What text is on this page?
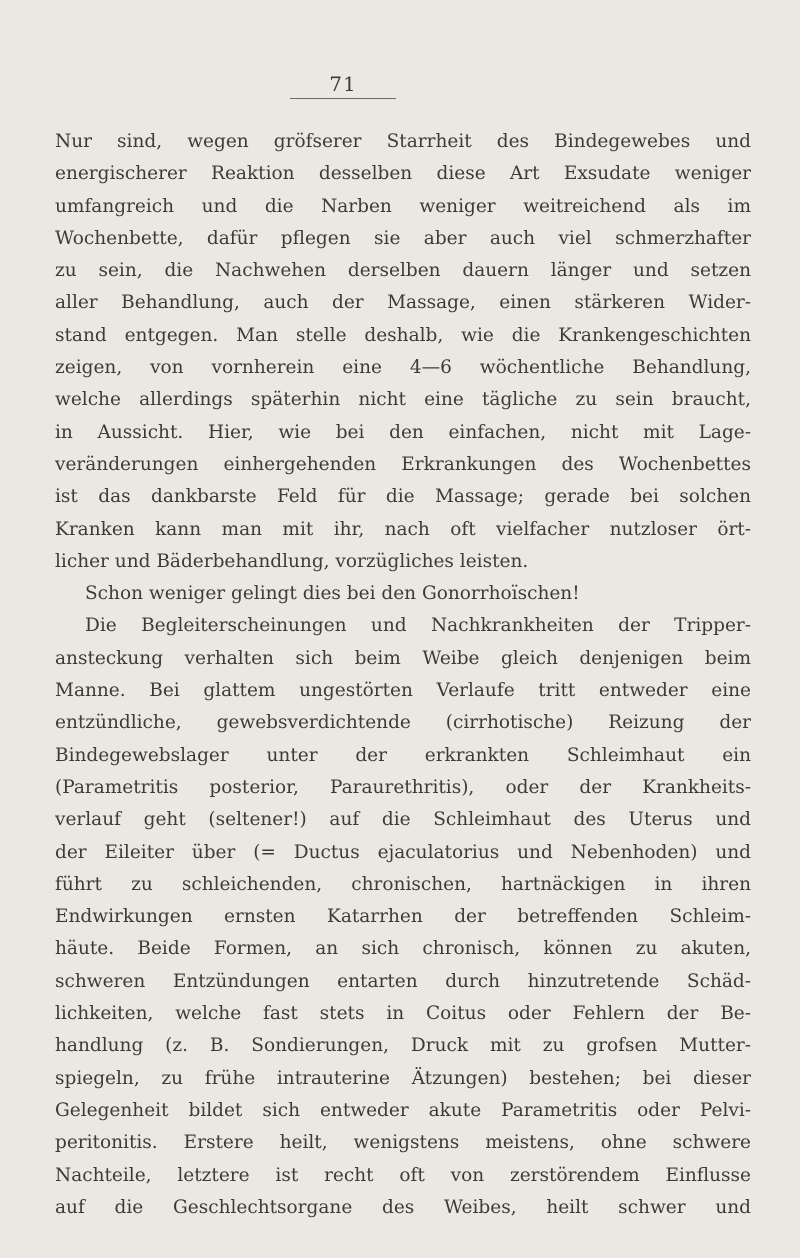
71
Nur sind, wegen gröfserer Starrheit des Bindegewebes und
energischerer Reaktion desselben diese Art Exsudate weniger
umfangreich und die Narben weniger weitreichend als im
Wochenbette, dafür pflegen sie aber auch viel schmerzhafter
zu sein, die Nachwehen derselben dauern länger und setzen
aller Behandlung, auch der Massage, einen stärkeren Wider-
stand entgegen. Man stelle deshalb, wie die Krankengeschichten
zeigen, von vornherein eine 4—6 wöchentliche Behandlung,
welche allerdings späterhin nicht eine tägliche zu sein braucht,
in Aussicht. Hier, wie bei den einfachen, nicht mit Lage-
veränderungen einhergehenden Erkrankungen des Wochenbettes
ist das dankbarste Feld für die Massage; gerade bei solchen
Kranken kann man mit ihr, nach oft vielfacher nutzloser ört-
licher und Bäderbehandlung, vorzügliches leisten.
Schon weniger gelingt dies bei den Gonorrhoïschen!
Die Begleiterscheinungen und Nachkrankheiten der Tripper-
ansteckung verhalten sich beim Weibe gleich denjenigen beim
Manne. Bei glattem ungestörten Verlaufe tritt entweder eine
entzündliche, gewebsverdichtende (cirrhotische) Reizung der
Bindegewebslager unter der erkrankten Schleimhaut ein
(Parametritis posterior, Paraurethritis), oder der Krankheits-
verlauf geht (seltener!) auf die Schleimhaut des Uterus und
der Eileiter über (= Ductus ejaculatorius und Nebenhoden) und
führt zu schleichenden, chronischen, hartnäckigen in ihren
Endwirkungen ernsten Katarrhen der betreffenden Schleim-
häute. Beide Formen, an sich chronisch, können zu akuten,
schweren Entzündungen entarten durch hinzutretende Schäd-
lichkeiten, welche fast stets in Coitus oder Fehlern der Be-
handlung (z. B. Sondierungen, Druck mit zu grofsen Mutter-
spiegeln, zu frühe intrauterine Ätzungen) bestehen; bei dieser
Gelegenheit bildet sich entweder akute Parametritis oder Pelvi-
peritonitis. Erstere heilt, wenigstens meistens, ohne schwere
Nachteile, letztere ist recht oft von zerstörendem Einflusse
auf die Geschlechtsorgane des Weibes, heilt schwer und
